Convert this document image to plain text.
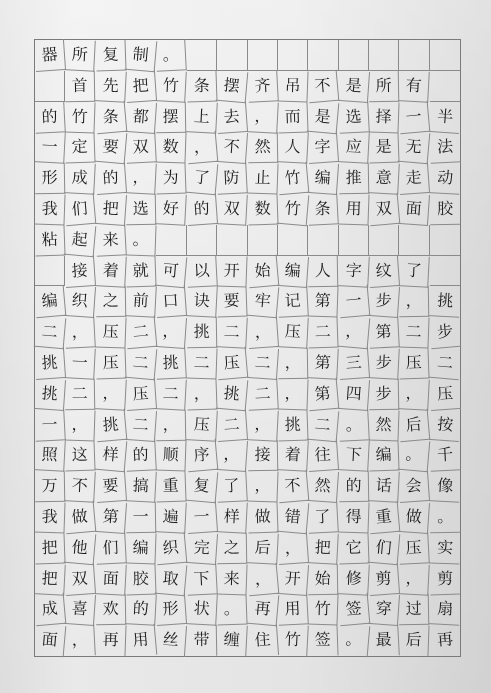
器 所 复 制 。
首 先 把 竹 条 摆 齐 吊 不 是 所 有
的 竹 条 都 摆 上 去 ， 而 是 选 择 一 半
一 定 要 双 数 ， 不 然 人 字 应 是 无 法
形 成 的 ， 为 了 防 止 竹 编 推 意 走 动
我 们 把 选 好 的 双 数 竹 条 用 双 面 胶
粘 起 来 。
接 着 就 可 以 开 始 编 人 字 纹 了
编 织 之 前 口 诀 要 牢 记 第 一 步 ， 挑
二 ， 压 二 ， 挑 二 ， 压 二 ， 第 二 步
挑 一 压 二 挑 二 压 二 ， 第 三 步 压 二
挑 二 ， 压 二 ， 挑 二 ， 第 四 步 ， 压
一 ， 挑 二 ， 压 二 ， 挑 二 。 然 后 按
照 这 样 的 顺 序 ， 接 着 往 下 编 。 千
万 不 要 搞 重 复 了 ， 不 然 的 话 会 像
我 做 第 一 遍 一 样 做 错 了 得 重 做 。
把 他 们 编 织 完 之 后 ， 把 它 们 压 实
把 双 面 胶 取 下 来 ， 开 始 修 剪 ， 剪
成 喜 欢 的 形 状 。 再 用 竹 签 穿 过 扇
面 ， 再 用 丝 带 缠 住 竹 签 。 最 后 再
